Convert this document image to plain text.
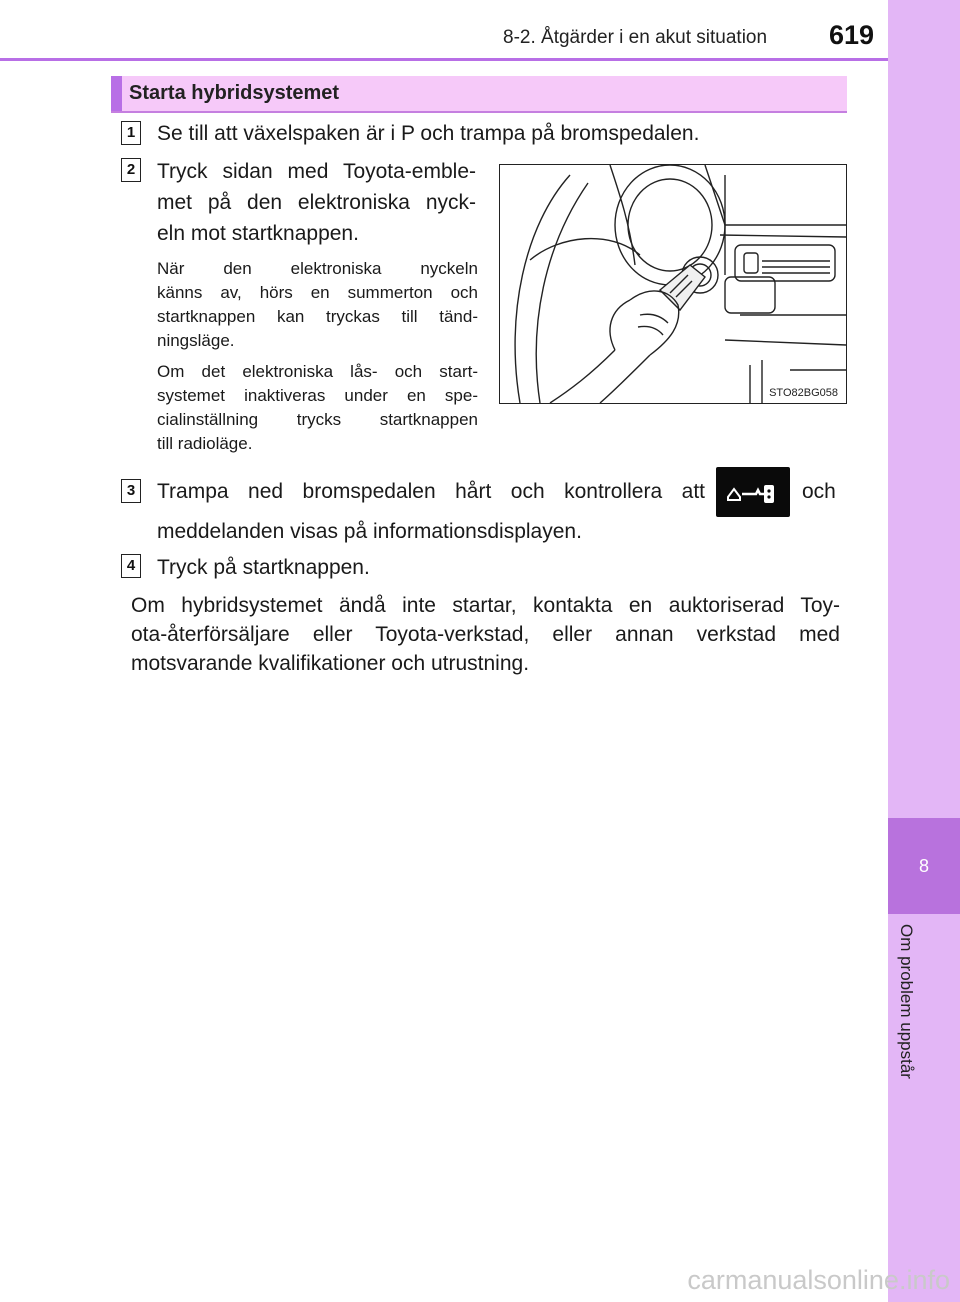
8-2. Åtgärder i en akut situation 619
8
Om problem uppstår
Starta hybridsystemet
1 Se till att växelspaken är i P och trampa på bromspedalen.
2 Tryck sidan med Toyota-emble-
met på den elektroniska nyck-
eln mot startknappen.
När den elektroniska nyckeln
känns av, hörs en summerton och
startknappen kan tryckas till tänd-
ningsläge.
Om det elektroniska lås- och start-
systemet inaktiveras under en spe-
cialinställning trycks startknappen
till radioläge.
STO82BG058
3 Trampa ned bromspedalen hårt och kontrollera att	och
meddelanden visas på informationsdisplayen.
4 Tryck på startknappen.
Om hybridsystemet ändå inte startar, kontakta en auktoriserad Toy-
ota-återförsäljare eller Toyota-verkstad, eller annan verkstad med
motsvarande kvalifikationer och utrustning.
carmanualsonline.info
